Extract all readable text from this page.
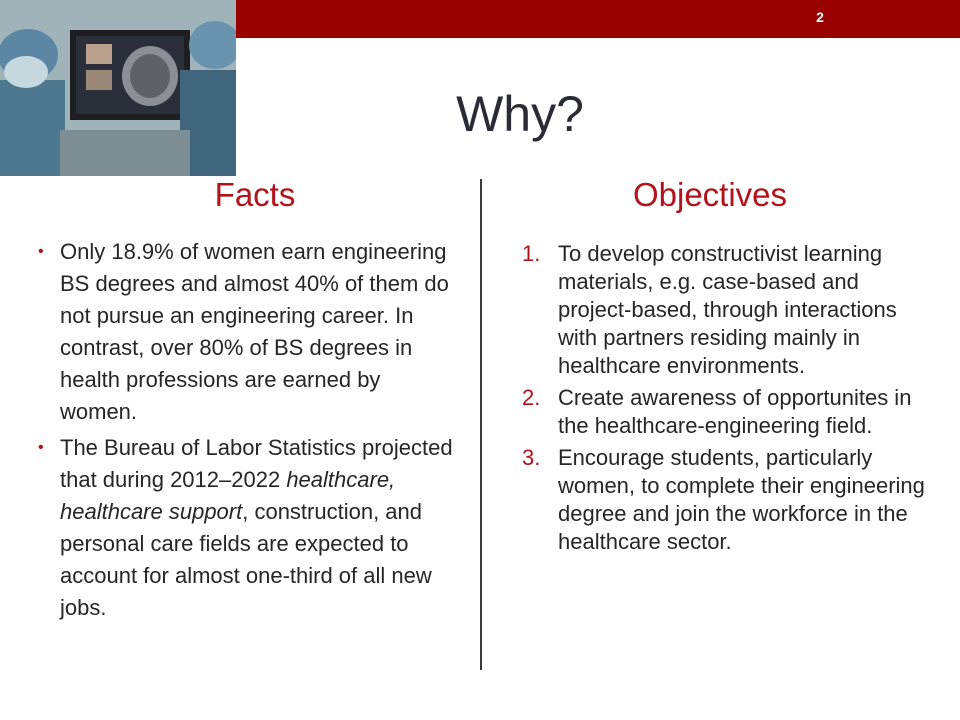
2
Why?
Facts	Objectives
• Only 18.9% of women earn engineering BS degrees and almost 40% of them do not pursue an engineering career. In contrast, over 80% of BS degrees in health professions are earned by women.
• The Bureau of Labor Statistics projected that during 2012–2022 healthcare, healthcare support, construction, and personal care fields are expected to account for almost one-third of all new jobs.
1. To develop constructivist learning materials, e.g. case-based and project-based, through interactions with partners residing mainly in healthcare environments.
2. Create awareness of opportunites in the healthcare-engineering field.
3. Encourage students, particularly women, to complete their engineering degree and join the workforce in the healthcare sector.
